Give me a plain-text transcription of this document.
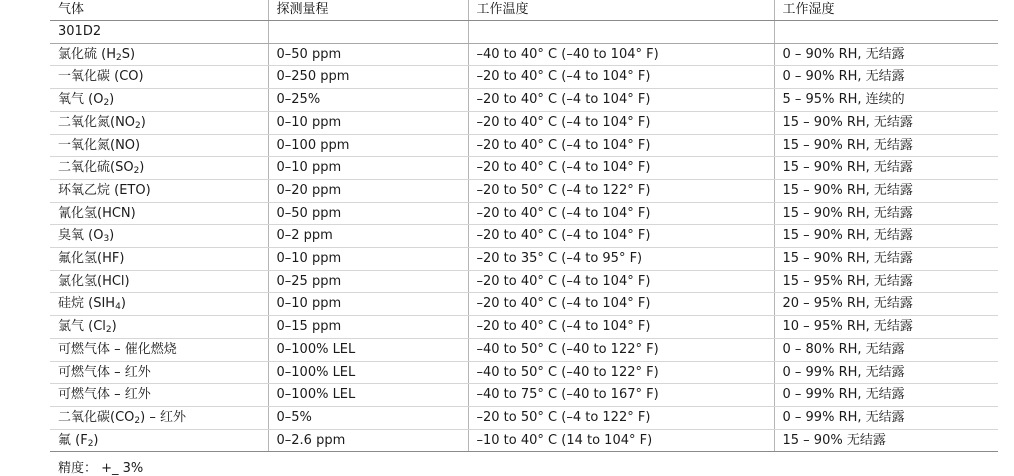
气体	探测量程	工作温度	工作湿度
301D2			
氯化硫 $(H_2S)$	0–50 ppm	–40 to 40° C (–40 to 104° F)	0 – 90% RH, 无结露
一氧化碳 (CO)	0–250 ppm	–20 to 40° C (–4 to 104° F)	0 – 90% RH, 无结露
氧气 $(O_2)$	0–25%	–20 to 40° C (–4 to 104° F)	5 – 95% RH, 连续的
二氧化氮$(NO_2)$	0–10 ppm	–20 to 40° C (–4 to 104° F)	15 – 90% RH, 无结露
一氧化氮(NO)	0–100 ppm	–20 to 40° C (–4 to 104° F)	15 – 90% RH, 无结露
二氧化硫$(SO_2)$	0–10 ppm	–20 to 40° C (–4 to 104° F)	15 – 90% RH, 无结露
环氧乙烷 (ETO)	0–20 ppm	–20 to 50° C (–4 to 122° F)	15 – 90% RH, 无结露
氰化氢(HCN)	0–50 ppm	–20 to 40° C (–4 to 104° F)	15 – 90% RH, 无结露
臭氧 $(O_3)$	0–2 ppm	–20 to 40° C (–4 to 104° F)	15 – 90% RH, 无结露
氟化氢(HF)	0–10 ppm	–20 to 35° C (–4 to 95° F)	15 – 90% RH, 无结露
氯化氢(HCl)	0–25 ppm	–20 to 40° C (–4 to 104° F)	15 – 95% RH, 无结露
硅烷 $(SIH_4)$	0–10 ppm	–20 to 40° C (–4 to 104° F)	20 – 95% RH, 无结露
氯气 $(Cl_2)$	0–15 ppm	–20 to 40° C (–4 to 104° F)	10 – 95% RH, 无结露
可燃气体 – 催化燃烧	0–100% LEL	–40 to 50° C (–40 to 122° F)	0 – 80% RH, 无结露
可燃气体 – 红外	0–100% LEL	–40 to 50° C (–40 to 122° F)	0 – 99% RH, 无结露
可燃气体 – 红外	0–100% LEL	–40 to 75° C (–40 to 167° F)	0 – 99% RH, 无结露
二氧化碳$(CO_2)$ – 红外	0–5%	–20 to 50° C (–4 to 122° F)	0 – 99% RH, 无结露
氟 $(F_2)$	0–2.6 ppm	–10 to 40° C (14 to 104° F)	15 – 90% 无结露
精度： +_ 3%
